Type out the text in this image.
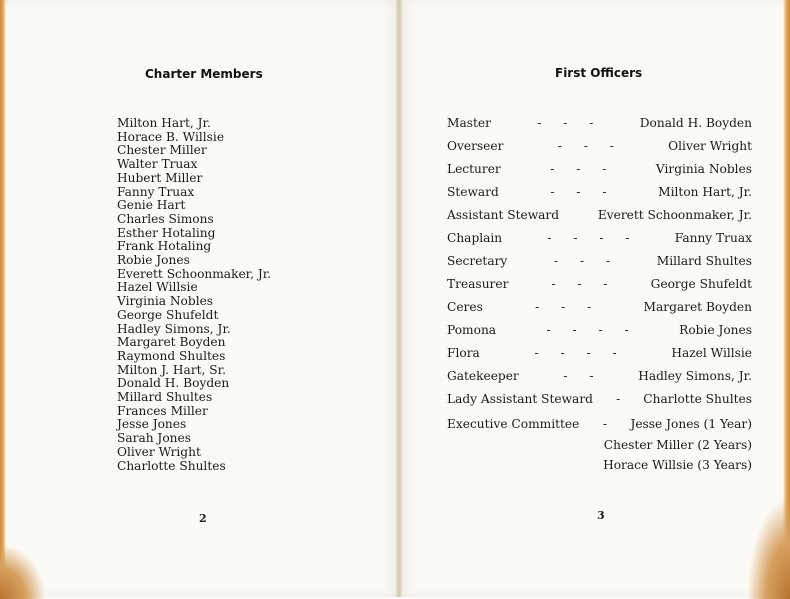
Charter Members
Milton Hart, Jr.
Horace B. Willsie
Chester Miller
Walter Truax
Hubert Miller
Fanny Truax
Genie Hart
Charles Simons
Esther Hotaling
Frank Hotaling
Robie Jones
Everett Schoonmaker, Jr.
Hazel Willsie
Virginia Nobles
George Shufeldt
Hadley Simons, Jr.
Margaret Boyden
Raymond Shultes
Milton J. Hart, Sr.
Donald H. Boyden
Millard Shultes
Frances Miller
Jesse Jones
Sarah Jones
Oliver Wright
Charlotte Shultes
2
First Officers
Master	- - -	Donald H. Boyden
Overseer	- - -	Oliver Wright
Lecturer	- - -	Virginia Nobles
Steward	- - -	Milton Hart, Jr.
Assistant Steward	Everett Schoonmaker, Jr.
Chaplain	- - - -	Fanny Truax
Secretary	- - -	Millard Shultes
Treasurer	- - -	George Shufeldt
Ceres	- - -	Margaret Boyden
Pomona	- - - -	Robie Jones
Flora	- - - -	Hazel Willsie
Gatekeeper	- -	Hadley Simons, Jr.
Lady Assistant Steward	-	Charlotte Shultes
Executive Committee - Jesse Jones (1 Year)
Chester Miller (2 Years)
Horace Willsie (3 Years)
3
